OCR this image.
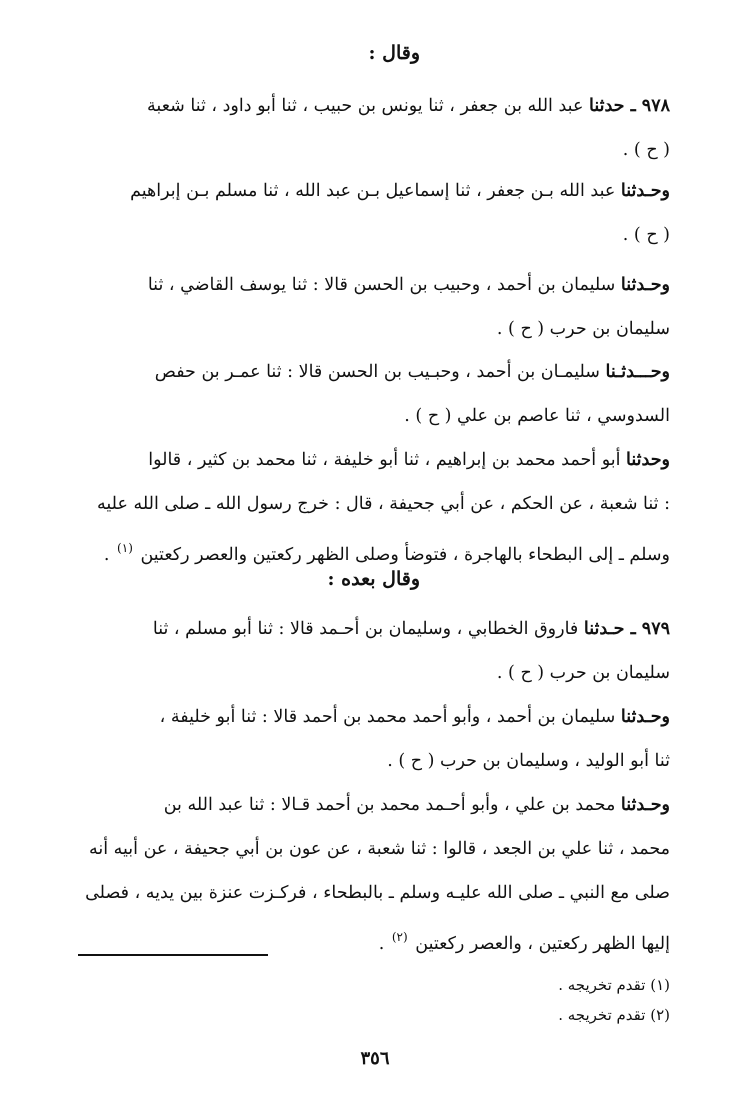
وقال :
٩٧٨ ـ حدثنا عبد الله بن جعفر ، ثنا يونس بن حبيب ، ثنا أبو داود ، ثنا شعبة
( ح ) .
وحـدثنا عبد الله بـن جعفر ، ثنا إسماعيل بـن عبد الله ، ثنا مسلم بـن إبراهيم
( ح ) .
وحـدثنا سليمان بن أحمد ، وحبيب بن الحسن قالا : ثنا يوسف القاضي ، ثنا
سليمان بن حرب ( ح ) .
وحـــدثـنا سليمـان بن أحمد ، وحبـيب بن الحسن قالا : ثنا عمـر بن حفص
السدوسي ، ثنا عاصم بن علي ( ح ) .
وحدثنا أبو أحمد محمد بن إبراهيم ، ثنا أبو خليفة ، ثنا محمد بن كثير ، قالوا
: ثنا شعبة ، عن الحكم ، عن أبي جحيفة ، قال : خرج رسول الله ـ صلى الله عليه
وسلم ـ إلى البطحاء بالهاجرة ، فتوضأ وصلى الظهر ركعتين والعصر ركعتين $^{(١)}$ .
وقال بعده :
٩٧٩ ـ حـدثنا فاروق الخطابي ، وسليمان بن أحـمد قالا : ثنا أبو مسلم ، ثنا
سليمان بن حرب ( ح ) .
وحـدثنا سليمان بن أحمد ، وأبو أحمد محمد بن أحمد قالا : ثنا أبو خليفة ،
ثنا أبو الوليد ، وسليمان بن حرب ( ح ) .
وحـدثنا محمد بن علي ، وأبو أحـمد محمد بن أحمد قـالا : ثنا عبد الله بن
محمد ، ثنا علي بن الجعد ، قالوا : ثنا شعبة ، عن عون بن أبي جحيفة ، عن أبيه أنه
صلى مع النبي ـ صلى الله عليـه وسلم ـ بالبطحاء ، فركـزت عنزة بين يديه ، فصلى
إليها الظهر ركعتين ، والعصر ركعتين $^{(٢)}$ .
(١) تقدم تخريجه .
(٢) تقدم تخريجه .
٣٥٦
